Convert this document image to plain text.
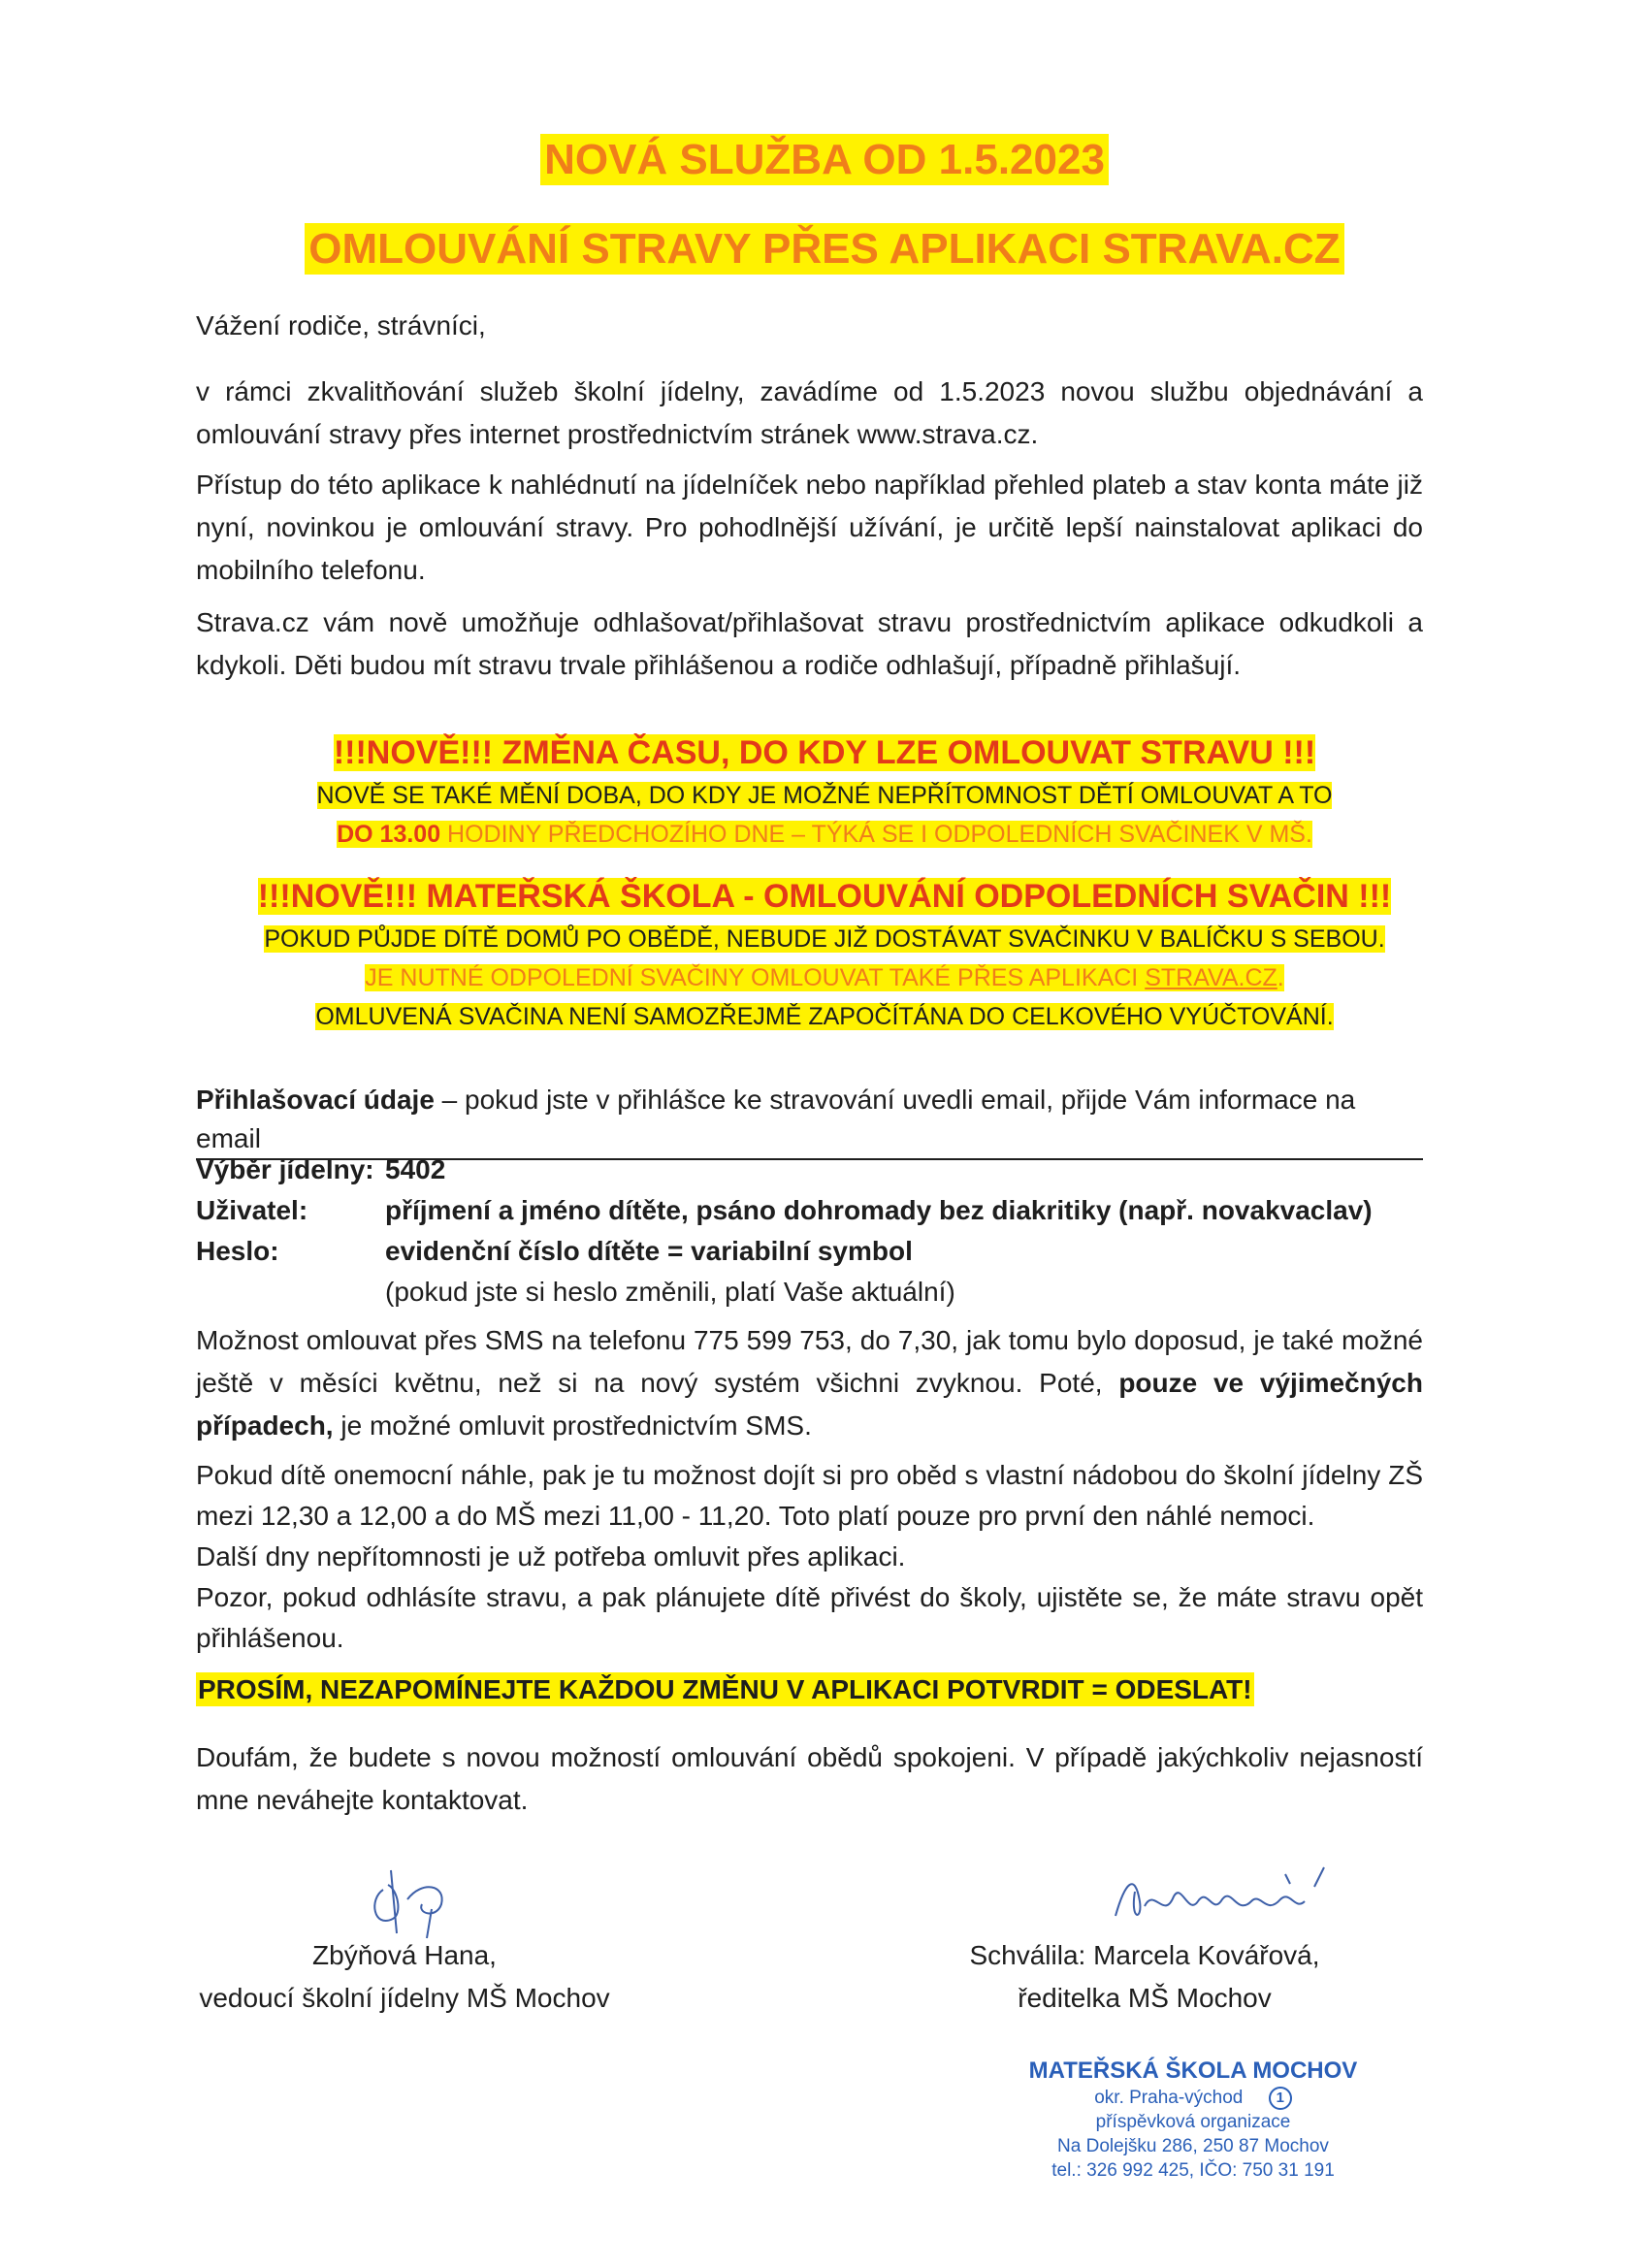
NOVÁ SLUŽBA OD 1.5.2023
OMLOUVÁNÍ STRAVY PŘES APLIKACI STRAVA.CZ
Vážení rodiče, strávníci,
v rámci zkvalitňování služeb školní jídelny, zavádíme od 1.5.2023 novou službu objednávání a omlouvání stravy přes internet prostřednictvím stránek www.strava.cz.
Přístup do této aplikace k nahlédnutí na jídelníček nebo například přehled plateb a stav konta máte již nyní, novinkou je omlouvání stravy. Pro pohodlnější užívání, je určitě lepší nainstalovat aplikaci do mobilního telefonu.
Strava.cz vám nově umožňuje odhlašovat/přihlašovat stravu prostřednictvím aplikace odkudkoli a kdykoli. Děti budou mít stravu trvale přihlášenou a rodiče odhlašují, případně přihlašují.
!!!NOVĚ!!! ZMĚNA ČASU, DO KDY LZE OMLOUVAT STRAVU !!!
NOVĚ SE TAKÉ MĚNÍ DOBA, DO KDY JE MOŽNÉ NEPŘÍTOMNOST DĚTÍ OMLOUVAT A TO
DO 13.00 HODINY PŘEDCHOZÍHO DNE – TÝKÁ SE I ODPOLEDNÍCH SVAČINEK V MŠ.
!!!NOVĚ!!! MATEŘSKÁ ŠKOLA - OMLOUVÁNÍ ODPOLEDNÍCH SVAČIN !!!
POKUD PŮJDE DÍTĚ DOMŮ PO OBĚDĚ, NEBUDE JIŽ DOSTÁVAT SVAČINKU V BALÍČKU S SEBOU.
JE NUTNÉ ODPOLEDNÍ SVAČINY OMLOUVAT TAKÉ PŘES APLIKACI STRAVA.CZ.
OMLUVENÁ SVAČINA NENÍ SAMOZŘEJMĚ ZAPOČÍTÁNA DO CELKOVÉHO VYÚČTOVÁNÍ.
Přihlašovací údaje – pokud jste v přihlášce ke stravování uvedli email, přijde Vám informace na email
Výběr jídelny: 5402
Uživatel:	příjmení a jméno dítěte, psáno dohromady bez diakritiky (např. novakvaclav)
Heslo:	evidenční číslo dítěte = variabilní symbol
(pokud jste si heslo změnili, platí Vaše aktuální)
Možnost omlouvat přes SMS na telefonu 775 599 753, do 7,30, jak tomu bylo doposud, je také možné ještě v měsíci květnu, než si na nový systém všichni zvyknou. Poté, pouze ve výjimečných případech, je možné omluvit prostřednictvím SMS.
Pokud dítě onemocní náhle, pak je tu možnost dojít si pro oběd s vlastní nádobou do školní jídelny ZŠ mezi 12,30 a 12,00 a do MŠ mezi 11,00 - 11,20. Toto platí pouze pro první den náhlé nemoci.
Další dny nepřítomnosti je už potřeba omluvit přes aplikaci.
Pozor, pokud odhlásíte stravu, a pak plánujete dítě přivést do školy, ujistěte se, že máte stravu opět přihlášenou.
PROSÍM, NEZAPOMÍNEJTE KAŽDOU ZMĚNU V APLIKACI POTVRDIT = ODESLAT!
Doufám, že budete s novou možností omlouvání obědů spokojeni. V případě jakýchkoliv nejasností mne neváhejte kontaktovat.
Zbýňová Hana,
vedoucí školní jídelny MŠ Mochov
Schválila: Marcela Kovářová,
ředitelka MŠ Mochov
MATEŘSKÁ ŠKOLA MOCHOV
okr. Praha-východ 1
příspěvková organizace
Na Dolejšku 286, 250 87 Mochov
tel.: 326 992 425, IČO: 750 31 191
